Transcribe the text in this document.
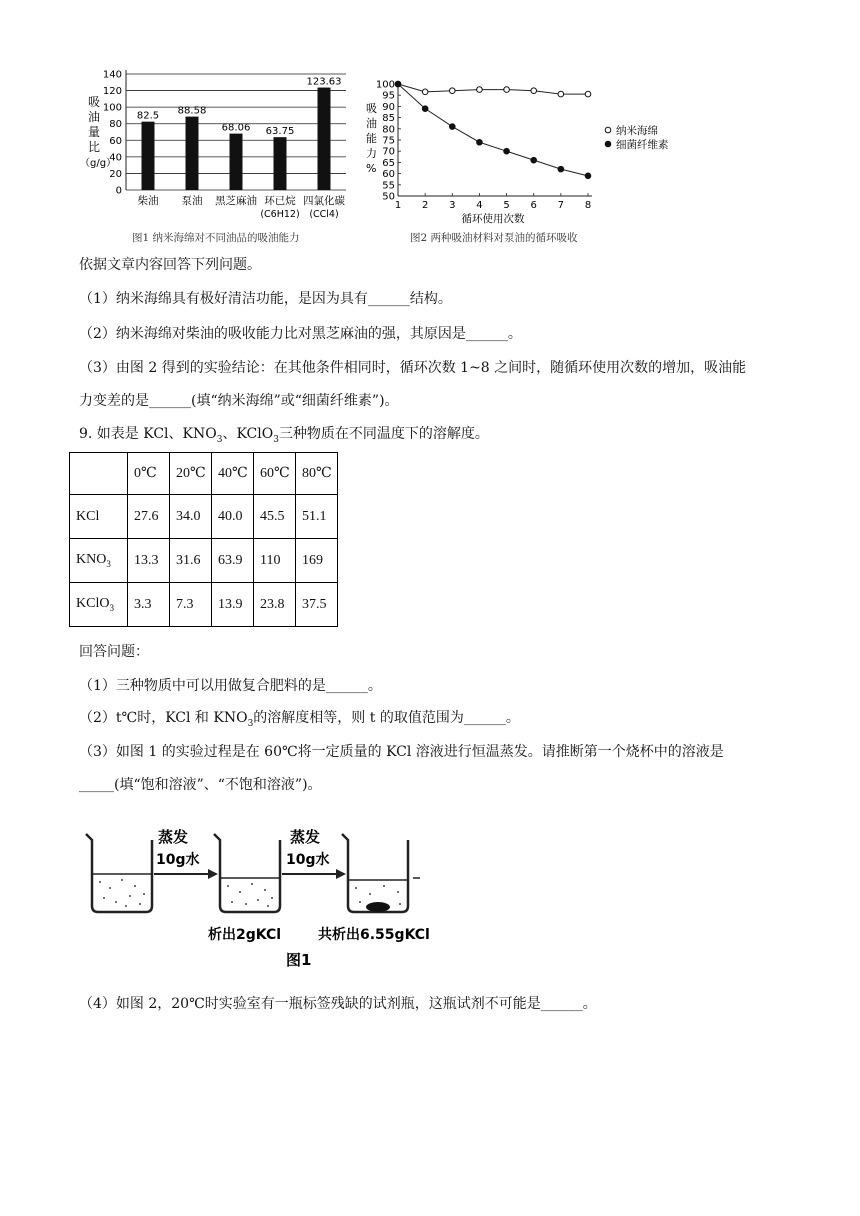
吸
油
量
比
（g/g）
0
20
40
60
80
100
120
140
82.5 88.58
68.06 63.75
123.63
柴油 泵油 黑芝麻油 环已烷
(C6H12)
四氯化碳
(CCl4)
图1 纳米海绵对不同油品的吸油能力
吸
油
能
力
%
50
55
60
65
70
75
80
85
90
95
100
1 2 3 4 5 6 7 8
循环使用次数
纳米海绵
细菌纤维素
图2 两种吸油材料对泵油的循环吸收
依据文章内容回答下列问题。
（1）纳米海绵具有极好清洁功能，是因为具有______结构。
（2）纳米海绵对柴油的吸收能力比对黑芝麻油的强，其原因是______。
（3）由图 2 得到的实验结论：在其他条件相同时，循环次数 1~8 之间时，随循环使用次数的增加，吸油能
力变差的是______(填“纳米海绵”或“细菌纤维素”)。
9. 如表是 KCl、$KNO_3$、KClO$_3$三种物质在不同温度下的溶解度。
	0℃	20℃	40℃	60℃	80℃
KCl	27.6	34.0	40.0	45.5	51.1
$KNO_3$	13.3	31.6	63.9	110	169
KClO$_3$	3.3	7.3	13.9	23.8	37.5
回答问题：
（1）三种物质中可以用做复合肥料的是______。
（2）t℃时，KCl 和 $KNO_3$的溶解度相等，则 t 的取值范围为______。
（3）如图 1 的实验过程是在 60℃将一定质量的 KCl 溶液进行恒温蒸发。请推断第一个烧杯中的溶液是
_____(填“饱和溶液”、“不饱和溶液”)。
蒸发
10g水
蒸发
10g水
析出2gKCl	共析出6.55gKCl
图1
（4）如图 2，20℃时实验室有一瓶标签残缺的试剂瓶，这瓶试剂不可能是______。
